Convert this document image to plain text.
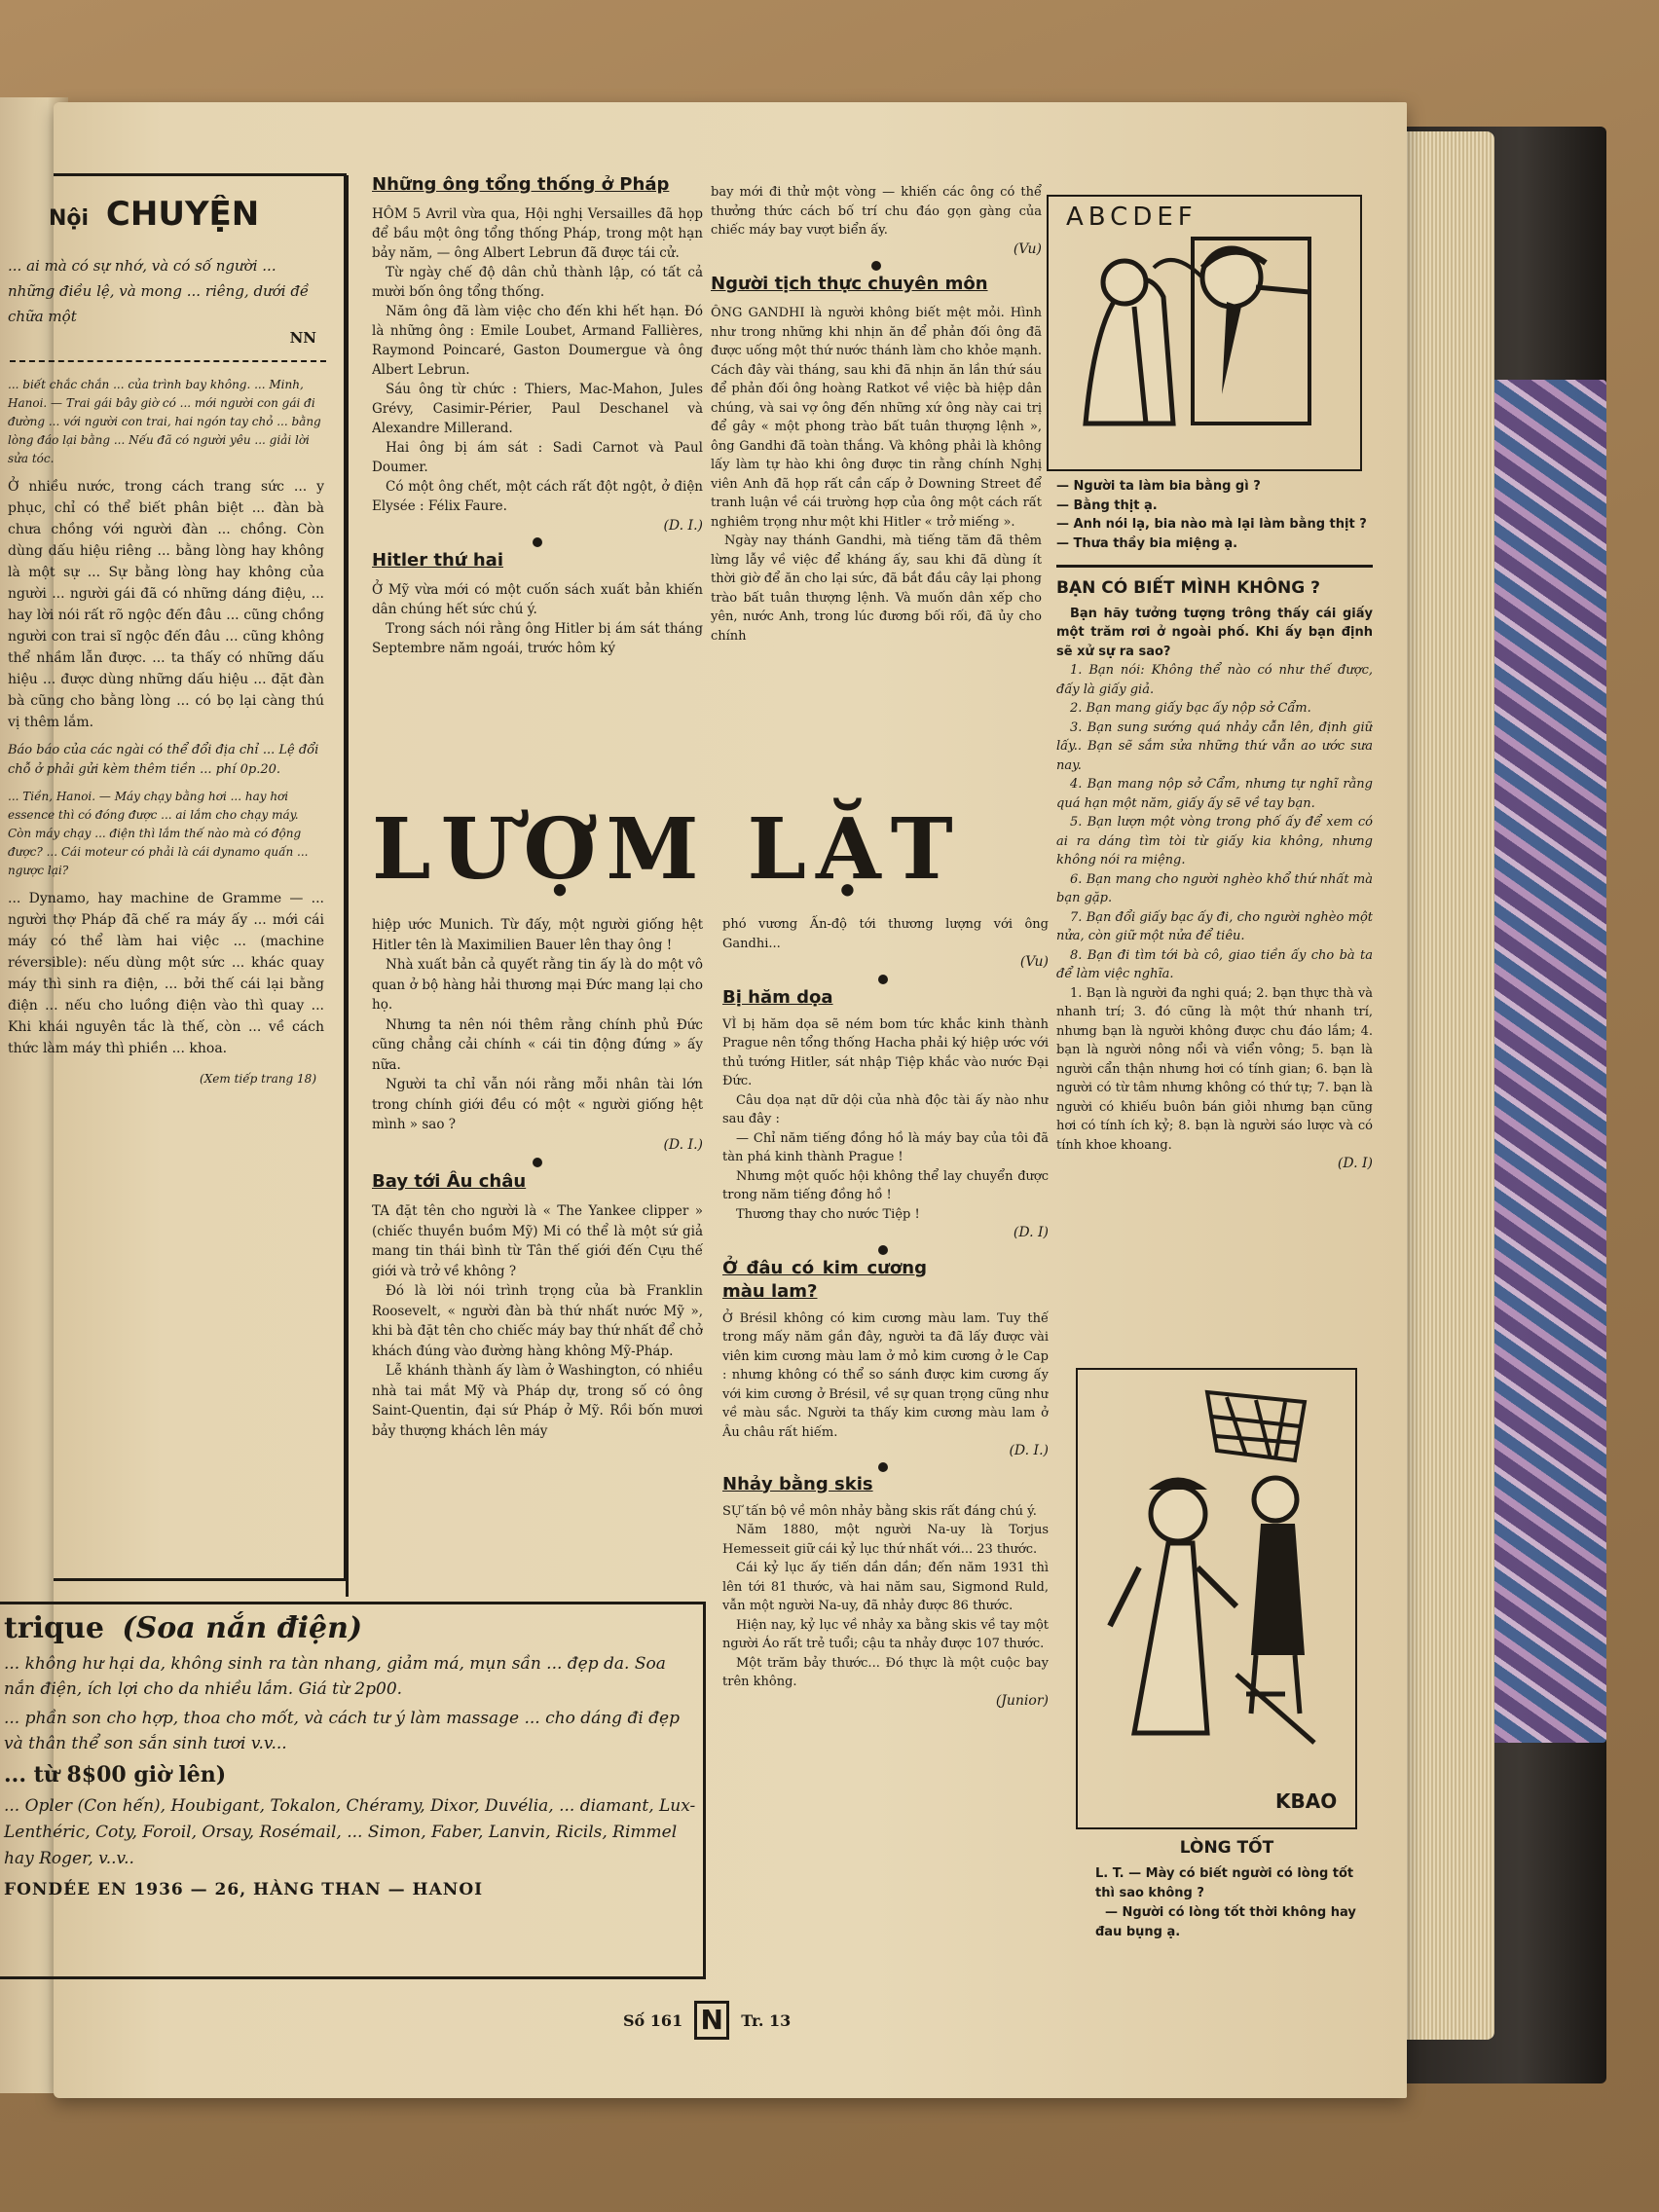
Nội CHUYỆN
... ai mà có sự nhớ, và có số người ... những điều lệ, và mong ... riêng, dưới đề chữa một
NN
... biết chắc chắn ... của trình bay không. ... Minh, Hanoi. — Trai gái bây giờ có ... mới người con gái đi đường ... với người con trai, hai ngón tay chỏ ... bằng lòng đáo lại bằng ... Nếu đã có người yêu ... giải lời sửa tóc.
Ở nhiều nước, trong cách trang sức ... y phục, chỉ có thể biết phân biệt ... đàn bà chưa chồng với người đàn ... chồng. Còn dùng dấu hiệu riêng ... bằng lòng hay không là một sự ... Sự bằng lòng hay không của người ... người gái đã có những dáng điệu, ... hay lời nói rất rõ ngộc đến đâu ... cũng chồng người con trai sĩ ngộc đến đâu ... cũng không thể nhầm lẫn được. ... ta thấy có những dấu hiệu ... được dùng những dấu hiệu ... đặt đàn bà cũng cho bằng lòng ... có bọ lại càng thú vị thêm lắm.
Báo báo của các ngài có thể đổi địa chỉ ... Lệ đổi chỗ ở phải gửi kèm thêm tiền ... phí 0p.20.
... Tiền, Hanoi. — Máy chạy bằng hơi ... hay hơi essence thì có đóng được ... ai lắm cho chạy máy. Còn máy chạy ... điện thì lắm thế nào mà có động được? ... Cái moteur có phải là cái dynamo quấn ... ngược lại?
... Dynamo, hay machine de Gramme — ... người thợ Pháp đã chế ra máy ấy ... mới cái máy có thể làm hai việc ... (machine réversible): nếu dùng một sức ... khác quay máy thì sinh ra điện, ... bởi thế cái lại bằng điện ... nếu cho luồng điện vào thì quay ... Khi khái nguyên tắc là thế, còn ... về cách thức làm máy thì phiền ... khoa.
(Xem tiếp trang 18)
trique (Soa nắn điện)
... không hư hại da, không sinh ra tàn nhang, giảm má, mụn sần ... đẹp da. Soa nắn điện, ích lợi cho da nhiều lắm. Giá từ 2p00.
... phần son cho hợp, thoa cho mốt, và cách tư ý làm massage ... cho dáng đi đẹp và thân thể son sắn sinh tươi v.v...
... từ 8$00 giờ lên)
... Opler (Con hến), Houbigant, Tokalon, Chéramy, Dixor, Duvélia, ... diamant, Lux-Lenthéric, Coty, Foroil, Orsay, Rosémail, ... Simon, Faber, Lanvin, Ricils, Rimmel hay Roger, v..v..
FONDÉE EN 1936 — 26, HÀNG THAN — HANOI
Những ông tổng thống ở Pháp

HÔM 5 Avril vừa qua, Hội nghị Versailles đã họp để bầu một ông tổng thống Pháp, trong một hạn bảy năm, — ông Albert Lebrun đã được tái cử.

Từ ngày chế độ dân chủ thành lập, có tất cả mười bốn ông tổng thống.

Năm ông đã làm việc cho đến khi hết hạn. Đó là những ông : Emile Loubet, Armand Fallières, Raymond Poincaré, Gaston Doumergue và ông Albert Lebrun.

Sáu ông từ chức : Thiers, Mac-Mahon, Jules Grévy, Casimir-Périer, Paul Deschanel và Alexandre Millerand.

Hai ông bị ám sát : Sadi Carnot và Paul Doumer.

Có một ông chết, một cách rất đột ngột, ở điện Elysée : Félix Faure.

(D. I.)
Hitler thứ hai

Ở Mỹ vừa mới có một cuốn sách xuất bản khiến dân chúng hết sức chú ý.

Trong sách nói rằng ông Hitler bị ám sát tháng Septembre năm ngoái, trước hôm ký

bay mới đi thử một vòng — khiến các ông có thể thưởng thức cách bố trí chu đáo gọn gàng của chiếc máy bay vượt biển ấy.

(Vu)
Người tịch thực chuyên môn

ÔNG GANDHI là người không biết mệt mỏi. Hình như trong những khi nhịn ăn để phản đối ông đã được uống một thứ nước thánh làm cho khỏe mạnh. Cách đây vài tháng, sau khi đã nhịn ăn lần thứ sáu để phản đối ông hoàng Ratkot về việc bà hiệp dân chúng, và sai vợ ông đến những xứ ông này cai trị để gây « một phong trào bất tuân thượng lệnh », ông Gandhi đã toàn thắng. Và không phải là không lấy làm tự hào khi ông được tin rằng chính Nghị viên Anh đã họp rất cần cấp ở Downing Street để tranh luận về cái trường hợp của ông một cách rất nghiêm trọng như một khi Hitler « trở miếng ».

Ngày nay thánh Gandhi, mà tiếng tăm đã thêm lừng lẫy về việc để kháng ấy, sau khi đã dùng ít thời giờ để ăn cho lại sức, đã bắt đầu cây lại phong trào bất tuân thượng lệnh. Và muốn dân xếp cho yên, nước Anh, trong lúc đương bối rối, đã ủy cho chính

LƯỢM LẶT

hiệp ước Munich. Từ đấy, một người giống hệt Hitler tên là Maximilien Bauer lên thay ông !

Nhà xuất bản cả quyết rằng tin ấy là do một vô quan ở bộ hàng hải thương mại Đức mang lại cho họ.

Nhưng ta nên nói thêm rằng chính phủ Đức cũng chẳng cải chính « cái tin động đứng » ấy nữa.

Người ta chỉ vẫn nói rằng mỗi nhân tài lớn trong chính giới đều có một « người giống hệt mình » sao ?

(D. I.)
Bay tới Âu châu

TA đặt tên cho người là « The Yankee clipper » (chiếc thuyền buồm Mỹ) Mi có thể là một sứ giả mang tin thái bình từ Tân thế giới đến Cựu thế giới và trở về không ?

Đó là lời nói trình trọng của bà Franklin Roosevelt, « người đàn bà thứ nhất nước Mỹ », khi bà đặt tên cho chiếc máy bay thứ nhất để chở khách đúng vào đường hàng không Mỹ-Pháp.

Lễ khánh thành ấy làm ở Washington, có nhiều nhà tai mắt Mỹ và Pháp dự, trong số có ông Saint-Quentin, đại sứ Pháp ở Mỹ. Rồi bốn mươi bảy thượng khách lên máy

phó vương Ấn-độ tới thương lượng với ông Gandhi...

(Vu)
Bị hăm dọa

VÌ bị hăm dọa sẽ ném bom tức khắc kinh thành Prague nên tổng thống Hacha phải ký hiệp ước với thủ tướng Hitler, sát nhập Tiệp khắc vào nước Đại Đức.

Câu dọa nạt dữ dội của nhà độc tài ấy nào như sau đây :

— Chỉ năm tiếng đồng hồ là máy bay của tôi đã tàn phá kinh thành Prague !

Nhưng một quốc hội không thể lay chuyển được trong năm tiếng đồng hồ !

Thương thay cho nước Tiệp !

(D. I)
Ở đâu có kim cương màu lam?

Ở Brésil không có kim cương màu lam. Tuy thế trong mấy năm gần đây, người ta đã lấy được vài viên kim cương màu lam ở mỏ kim cương ở le Cap : nhưng không có thể so sánh được kim cương ấy với kim cương ở Brésil, về sự quan trọng cũng như về màu sắc. Người ta thấy kim cương màu lam ở Âu châu rất hiếm.

(D. I.)
Nhảy bằng skis

SỰ tấn bộ về môn nhảy bằng skis rất đáng chú ý.

Năm 1880, một người Na-uy là Torjus Hemesseit giữ cái kỷ lục thứ nhất với... 23 thước.

Cái kỷ lục ấy tiến dần dần; đến năm 1931 thì lên tới 81 thước, và hai năm sau, Sigmond Ruld, vẫn một người Na-uy, đã nhảy được 86 thước.

Hiện nay, kỷ lục về nhảy xa bằng skis về tay một người Áo rất trẻ tuổi; cậu ta nhảy được 107 thước.

Một trăm bảy thước... Đó thực là một cuộc bay trên không.

(Junior)
ABCDEF
— Người ta làm bia bằng gì ?
— Bằng thịt ạ.
— Anh nói lạ, bia nào mà lại làm bằng thịt ?
— Thưa thầy bia miệng ạ.
BẠN CÓ BIẾT MÌNH KHÔNG ?

Bạn hãy tưởng tượng trông thấy cái giấy một trăm rơi ở ngoài phố. Khi ấy bạn định sẽ xử sự ra sao?

1. Bạn nói: Không thể nào có như thế được, đấy là giấy giả.

2. Bạn mang giấy bạc ấy nộp sở Cẩm.

3. Bạn sung sướng quá nhảy cẫn lên, định giữ lấy.. Bạn sẽ sắm sửa những thứ vẫn ao ước sưa nay.

4. Bạn mang nộp sở Cẩm, nhưng tự nghĩ rằng quá hạn một năm, giấy ấy sẽ về tay bạn.

5. Bạn lượn một vòng trong phố ấy để xem có ai ra dáng tìm tòi từ giấy kia không, nhưng không nói ra miệng.

6. Bạn mang cho người nghèo khổ thứ nhất mà bạn gặp.

7. Bạn đổi giấy bạc ấy đi, cho người nghèo một nửa, còn giữ một nửa để tiêu.

8. Bạn đi tìm tới bà cô, giao tiền ấy cho bà ta để làm việc nghĩa.

1. Bạn là người đa nghi quá; 2. bạn thực thà và nhanh trí; 3. đó cũng là một thứ nhanh trí, nhưng bạn là người không được chu đáo lắm; 4. bạn là người nông nổi và viển vông; 5. bạn là người cẩn thận nhưng hơi có tính gian; 6. bạn là người có từ tâm nhưng không có thứ tự; 7. bạn là người có khiếu buôn bán giỏi nhưng bạn cũng hơi có tính ích kỷ; 8. bạn là người sáo lược và có tính khoe khoang.

(D. I)
KBAO
LÒNG TỐT
L. T. — Mày có biết người có lòng tốt thì sao không ?
— Người có lòng tốt thời không hay đau bụng ạ.
Số 161 N	Tr. 13
